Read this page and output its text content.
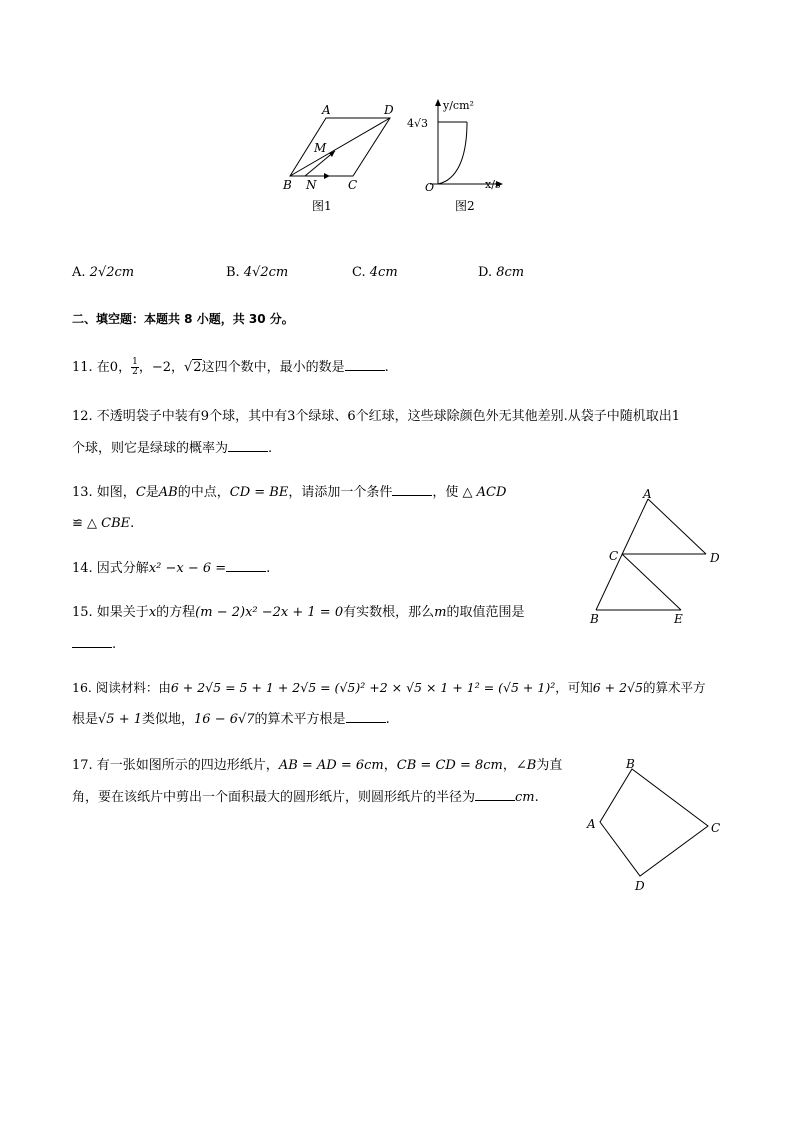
A	D
M
B N	C
图1
y/cm²
4√3
O	x/s
图2
A. 2√2cm	B. 4√2cm	C. 4cm	D. 8cm
二、填空题：本题共 8 小题，共 30 分。
11. 在0， $\frac{1}{2}$，−2，√2这四个数中，最小的数是	.
12. 不透明袋子中装有9个球，其中有3个绿球、6个红球，这些球除颜色外无其他差别.从袋子中随机取出1
个球，则它是绿球的概率为	.
13. 如图，C是AB的中点，CD = BE，请添加一个条件	，使 △ ACD
≌ △ CBE.
A
C	D
B	E
14. 因式分解x² −x − 6 =	.
15. 如果关于x的方程(m − 2)x² −2x + 1 = 0有实数根，那么m的取值范围是
.
16. 阅读材料：由6 + 2√5 = 5 + 1 + 2√5 = (√5)² +2 × √5 × 1 + 1² = (√5 + 1)²，可知6 + 2√5的算术平方
根是√5 + 1类似地，16 − 6√7的算术平方根是	.
17. 有一张如图所示的四边形纸片，AB = AD = 6cm，CB = CD = 8cm，∠B为直
角，要在该纸片中剪出一个面积最大的圆形纸片，则圆形纸片的半径为	cm.
B
A	C
D
